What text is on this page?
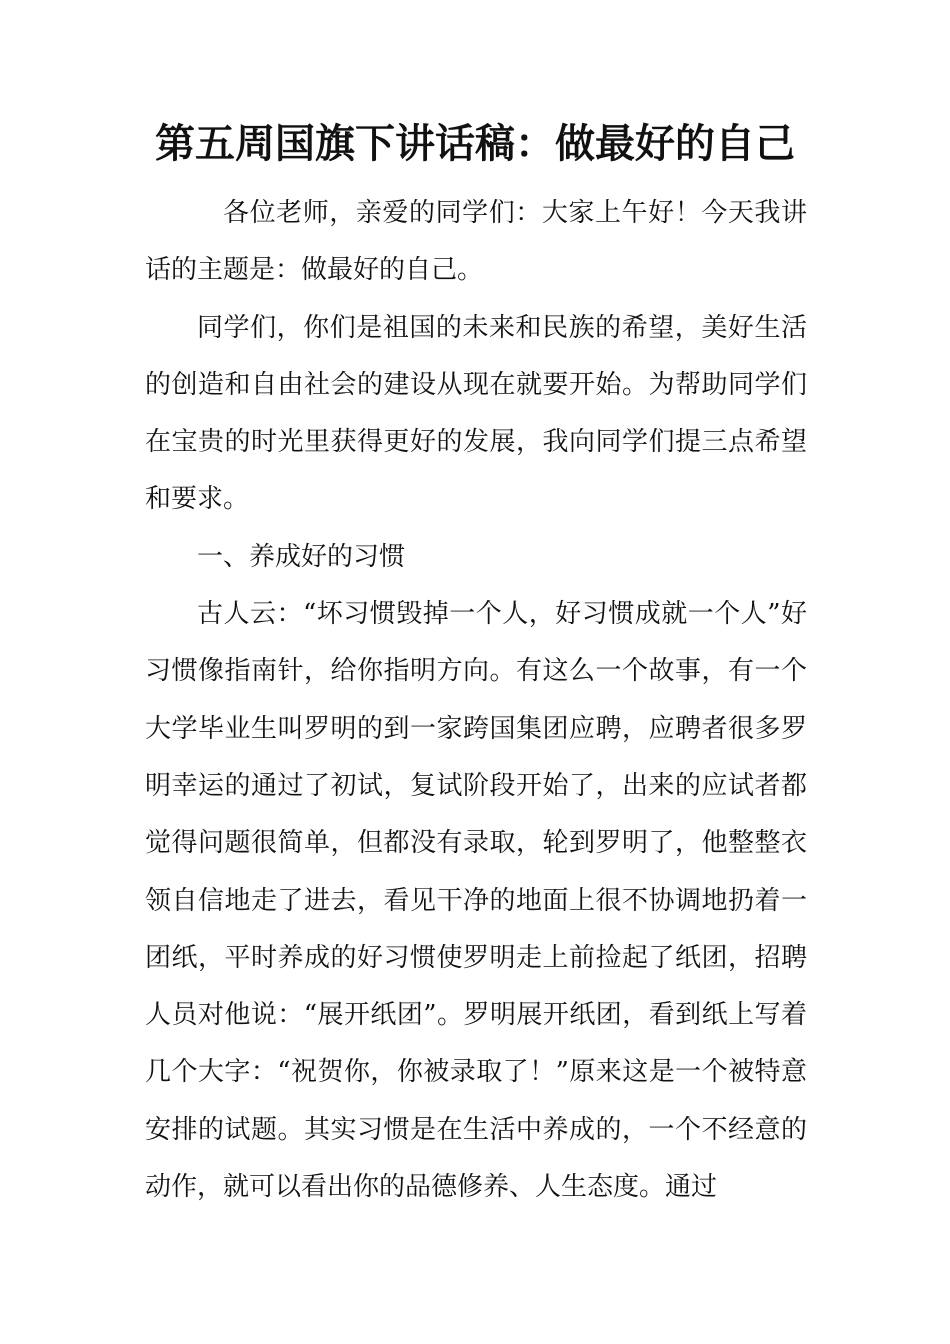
第五周国旗下讲话稿：做最好的自己

各位老师，亲爱的同学们：大家上午好！今天我讲话的主题是：做最好的自己。

同学们，你们是祖国的未来和民族的希望，美好生活的创造和自由社会的建设从现在就要开始。为帮助同学们在宝贵的时光里获得更好的发展，我向同学们提三点希望和要求。

一、养成好的习惯

古人云：“坏习惯毁掉一个人，好习惯成就一个人”好习惯像指南针，给你指明方向。有这么一个故事，有一个大学毕业生叫罗明的到一家跨国集团应聘，应聘者很多罗明幸运的通过了初试，复试阶段开始了，出来的应试者都觉得问题很简单，但都没有录取，轮到罗明了，他整整衣领自信地走了进去，看见干净的地面上很不协调地扔着一团纸，平时养成的好习惯使罗明走上前捡起了纸团，招聘人员对他说：“展开纸团”。罗明展开纸团，看到纸上写着几个大字：“祝贺你，你被录取了！”原来这是一个被特意安排的试题。其实习惯是在生活中养成的，一个不经意的动作，就可以看出你的品德修养、人生态度。通过
